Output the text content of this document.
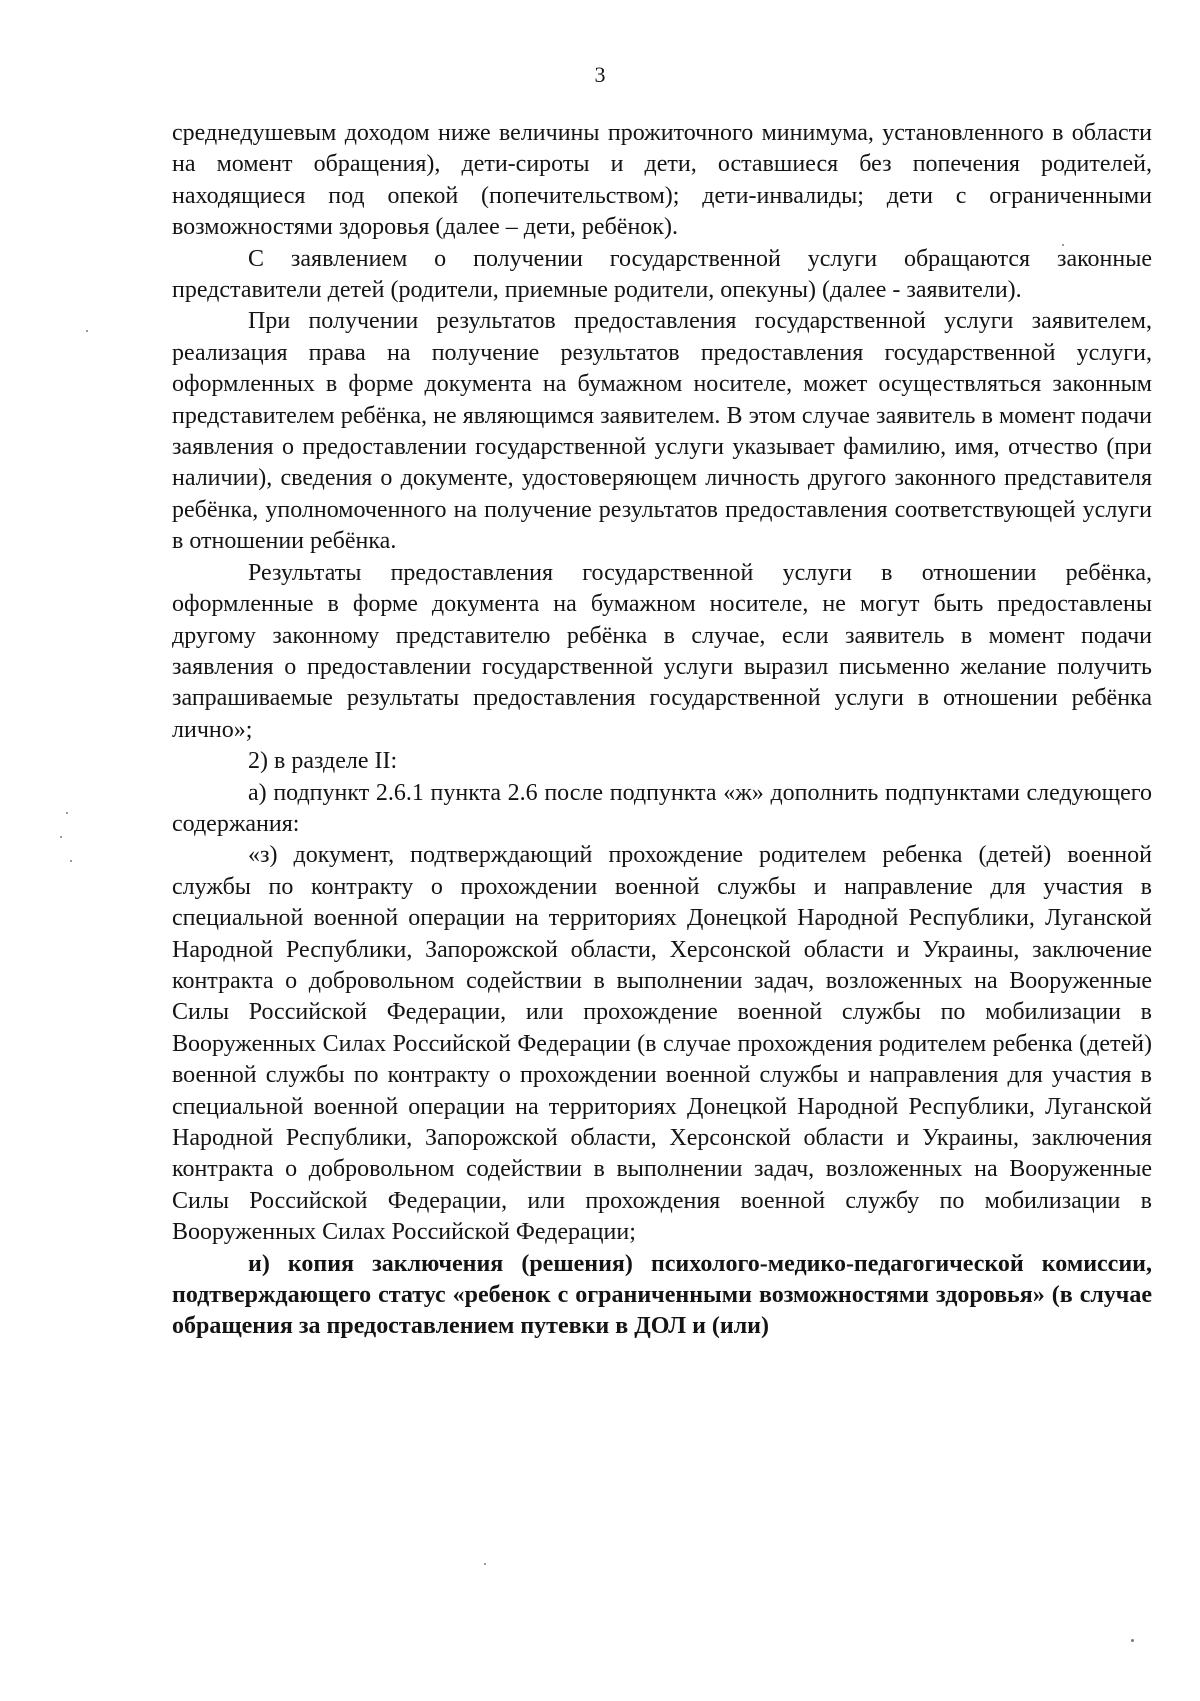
3

среднедушевым доходом ниже величины прожиточного минимума, установленного в области на момент обращения), дети-сироты и дети, оставшиеся без попечения родителей, находящиеся под опекой (попечительством); дети-инвалиды; дети с ограниченными возможностями здоровья (далее – дети, ребёнок).

С заявлением о получении государственной услуги обращаются законные представители детей (родители, приемные родители, опекуны) (далее - заявители).

При получении результатов предоставления государственной услуги заявителем, реализация права на получение результатов предоставления государственной услуги, оформленных в форме документа на бумажном носителе, может осуществляться законным представителем ребёнка, не являющимся заявителем. В этом случае заявитель в момент подачи заявления о предоставлении государственной услуги указывает фамилию, имя, отчество (при наличии), сведения о документе, удостоверяющем личность другого законного представителя ребёнка, уполномоченного на получение результатов предоставления соответствующей услуги в отношении ребёнка.

Результаты предоставления государственной услуги в отношении ребёнка, оформленные в форме документа на бумажном носителе, не могут быть предоставлены другому законному представителю ребёнка в случае, если заявитель в момент подачи заявления о предоставлении государственной услуги выразил письменно желание получить запрашиваемые результаты предоставления государственной услуги в отношении ребёнка лично»;

2) в разделе II:

а) подпункт 2.6.1 пункта 2.6 после подпункта «ж» дополнить подпунктами следующего содержания:

«з) документ, подтверждающий прохождение родителем ребенка (детей) военной службы по контракту о прохождении военной службы и направление для участия в специальной военной операции на территориях Донецкой Народной Республики, Луганской Народной Республики, Запорожской области, Херсонской области и Украины, заключение контракта о добровольном содействии в выполнении задач, возложенных на Вооруженные Силы Российской Федерации, или прохождение военной службы по мобилизации в Вооруженных Силах Российской Федерации (в случае прохождения родителем ребенка (детей) военной службы по контракту о прохождении военной службы и направления для участия в специальной военной операции на территориях Донецкой Народной Республики, Луганской Народной Республики, Запорожской области, Херсонской области и Украины, заключения контракта о добровольном содействии в выполнении задач, возложенных на Вооруженные Силы Российской Федерации, или прохождения военной службу по мобилизации в Вооруженных Силах Российской Федерации;

и) копия заключения (решения) психолого-медико-педагогической комиссии, подтверждающего статус «ребенок с ограниченными возможностями здоровья» (в случае обращения за предоставлением путевки в ДОЛ и (или)
